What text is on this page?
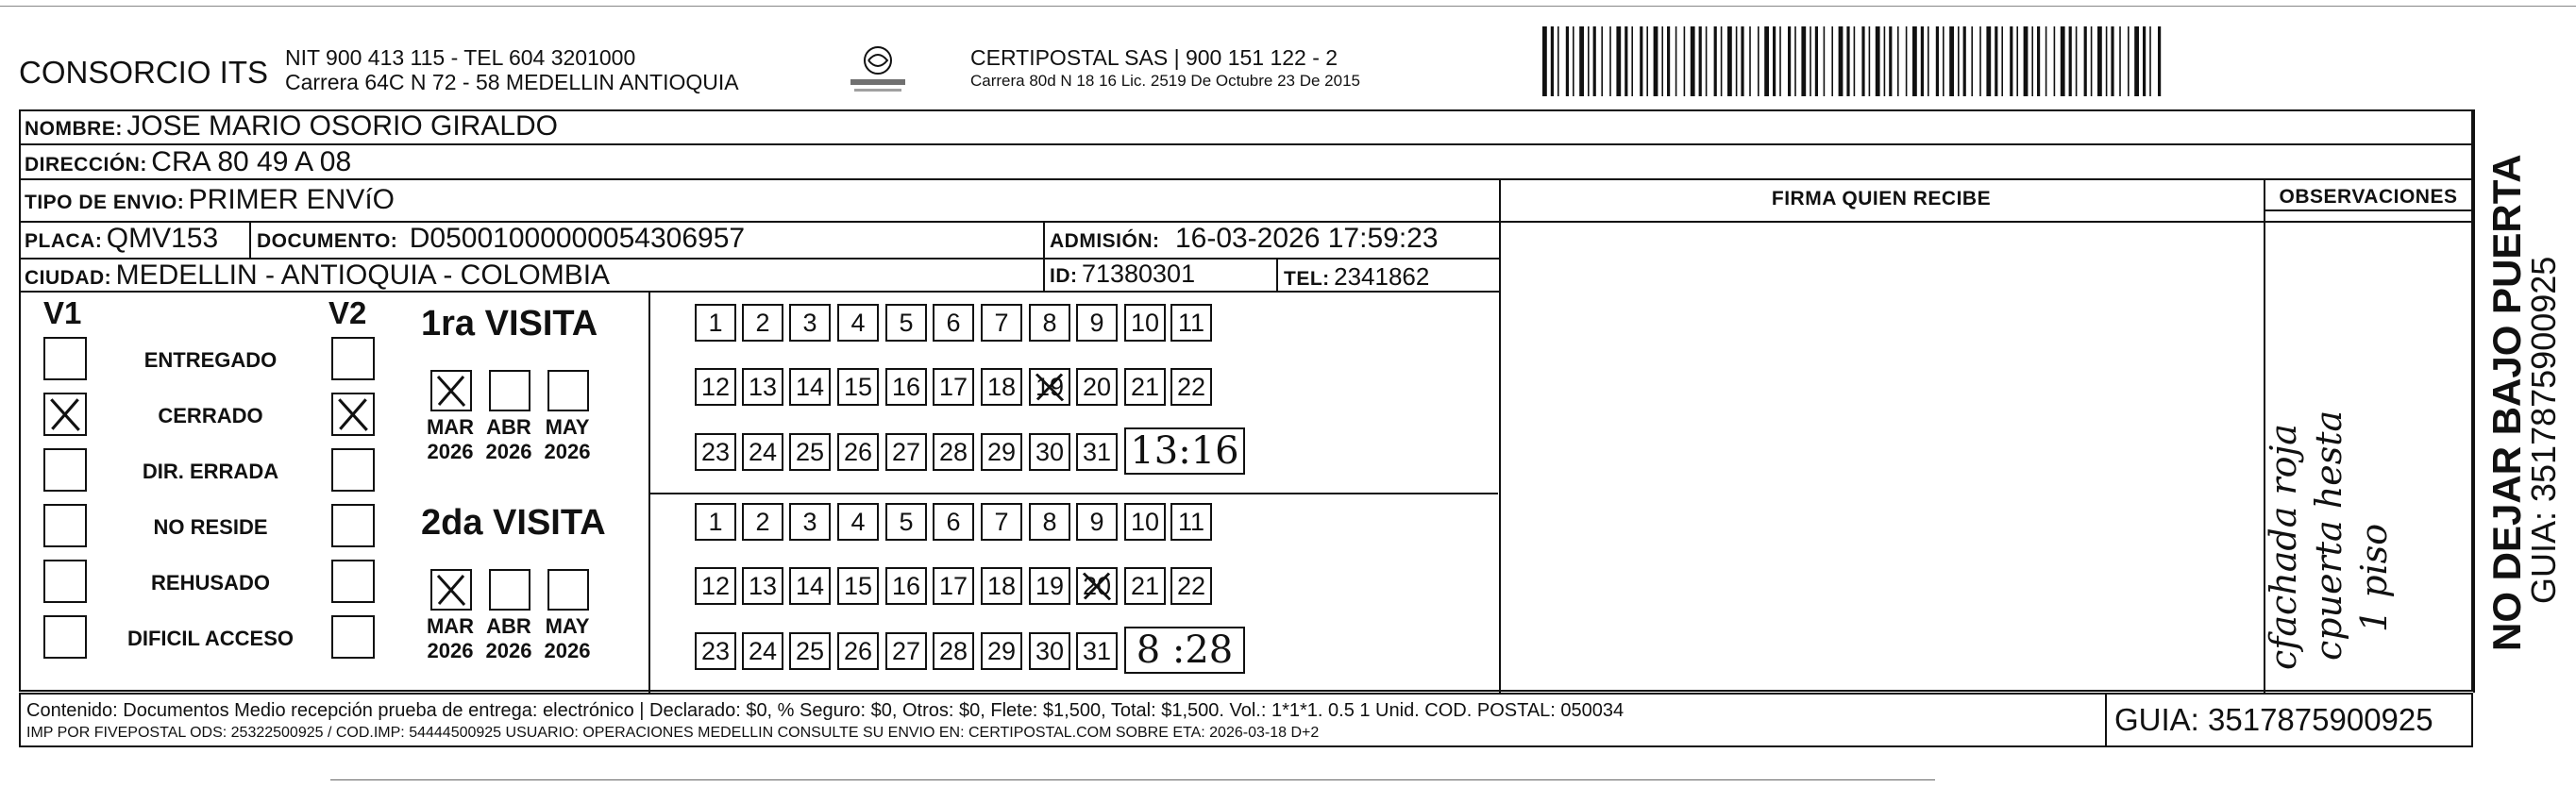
CONSORCIO ITS NIT 900 413 115 - TEL 604 3201000
Carrera 64C N 72 - 58 MEDELLIN ANTIOQUIA
CERTIPOSTAL SAS | 900 151 122 - 2
Carrera 80d N 18 16 Lic. 2519 De Octubre 23 De 2015
NOMBRE: JOSE MARIO OSORIO GIRALDO
DIRECCIÓN: CRA 80 49 A 08
TIPO DE ENVIO: PRIMER ENVíO	FIRMA QUIEN RECIBE	OBSERVACIONES
PLACA: QMV153 DOCUMENTO: D05001000000054306957	ADMISIÓN: 16-03-2026 17:59:23
CIUDAD: MEDELLIN - ANTIOQUIA - COLOMBIA	ID: 71380301	TEL: 2341862
V1	V2
ENTREGADO
CERRADO
DIR. ERRADA
NO RESIDE
REHUSADO
DIFICIL ACCESO
1ra VISITA
2da VISITA
MAR
2026
ABR
2026
MAY
2026
1	2	3	4	5	6	7	8	9	10 11
12 13 14 15 16 17 18 19 20 21 22
23 24 25 26 27 28 29 30 31 13:16
MAR
2026
ABR
2026
MAY
2026
1	2	3	4	5	6	7	8	9	10 11
12 13 14 15 16 17 18 19 20 21 22
23 24 25 26 27 28 29 30 31 8 :28	cfachada roja cpuerta hesta 1 piso NO DEJAR BAJO PUERTA
GUIA: 3517875900925
Contenido: Documentos Medio recepción prueba de entrega: electrónico | Declarado: $0, % Seguro: $0, Otros: $0, Flete: $1,500, Total: $1,500. Vol.: 1*1*1. 0.5 1 Unid. COD. POSTAL: 050034
IMP POR FIVEPOSTAL ODS: 25322500925 / COD.IMP: 54444500925 USUARIO: OPERACIONES MEDELLIN CONSULTE SU ENVIO EN: CERTIPOSTAL.COM SOBRE ETA: 2026-03-18 D+2	GUIA: 3517875900925
